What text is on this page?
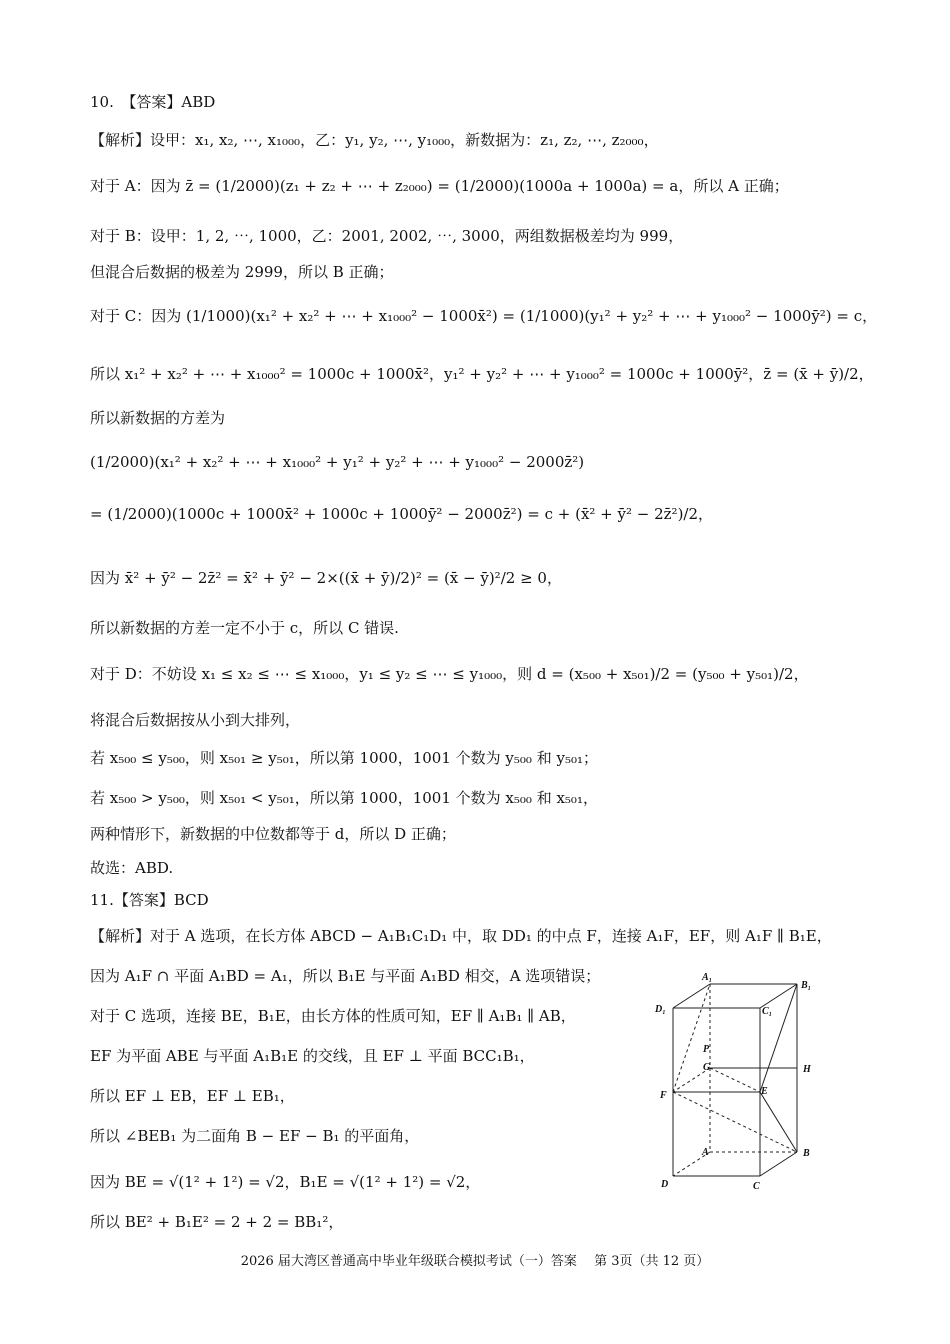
10.　【答案】ABD
【解析】设甲：x₁, x₂, ⋯, x₁₀₀₀，乙：y₁, y₂, ⋯, y₁₀₀₀，新数据为：z₁, z₂, ⋯, z₂₀₀₀，
对于 A：因为 z̄ = (1/2000)(z₁ + z₂ + ⋯ + z₂₀₀₀) = (1/2000)(1000a + 1000a) = a，所以 A 正确；
对于 B：设甲：1, 2, ⋯, 1000，乙：2001, 2002, ⋯, 3000，两组数据极差均为 999，
但混合后数据的极差为 2999，所以 B 正确；
对于 C：因为 (1/1000)(x₁² + x₂² + ⋯ + x₁₀₀₀² − 1000x̄²) = (1/1000)(y₁² + y₂² + ⋯ + y₁₀₀₀² − 1000ȳ²) = c，
所以 x₁² + x₂² + ⋯ + x₁₀₀₀² = 1000c + 1000x̄²，y₁² + y₂² + ⋯ + y₁₀₀₀² = 1000c + 1000ȳ²，z̄ = (x̄ + ȳ)/2，
所以新数据的方差为
(1/2000)(x₁² + x₂² + ⋯ + x₁₀₀₀² + y₁² + y₂² + ⋯ + y₁₀₀₀² − 2000z̄²)
= (1/2000)(1000c + 1000x̄² + 1000c + 1000ȳ² − 2000z̄²) = c + (x̄² + ȳ² − 2z̄²)/2，
因为 x̄² + ȳ² − 2z̄² = x̄² + ȳ² − 2×((x̄ + ȳ)/2)² = (x̄ − ȳ)²/2 ≥ 0，
所以新数据的方差一定不小于 c，所以 C 错误.
对于 D：不妨设 x₁ ≤ x₂ ≤ ⋯ ≤ x₁₀₀₀，y₁ ≤ y₂ ≤ ⋯ ≤ y₁₀₀₀，则 d = (x₅₀₀ + x₅₀₁)/2 = (y₅₀₀ + y₅₀₁)/2，
将混合后数据按从小到大排列，
若 x₅₀₀ ≤ y₅₀₀，则 x₅₀₁ ≥ y₅₀₁，所以第 1000，1001 个数为 y₅₀₀ 和 y₅₀₁；
若 x₅₀₀ > y₅₀₀，则 x₅₀₁ < y₅₀₁，所以第 1000，1001 个数为 x₅₀₀ 和 x₅₀₁，
两种情形下，新数据的中位数都等于 d，所以 D 正确；
故选：ABD.
11.【答案】BCD
【解析】对于 A 选项，在长方体 ABCD − A₁B₁C₁D₁ 中，取 DD₁ 的中点 F，连接 A₁F，EF，则 A₁F ∥ B₁E，
因为 A₁F ∩ 平面 A₁BD = A₁，所以 B₁E 与平面 A₁BD 相交，A 选项错误；
对于 C 选项，连接 BE，B₁E，由长方体的性质可知，EF ∥ A₁B₁ ∥ AB，
EF 为平面 ABE 与平面 A₁B₁E 的交线，且 EF ⊥ 平面 BCC₁B₁，
所以 EF ⊥ EB，EF ⊥ EB₁，
所以 ∠BEB₁ 为二面角 B − EF − B₁ 的平面角，
因为 BE = √(1² + 1²) = √2，B₁E = √(1² + 1²) = √2，
所以 BE² + B₁E² = 2 + 2 = BB₁²，
A₁
B₁
D₁	C₁
P
G	H
F	E
A	B
D	C
2026 届大湾区普通高中毕业年级联合模拟考试（一）答案　 第 3页（共 12 页）
